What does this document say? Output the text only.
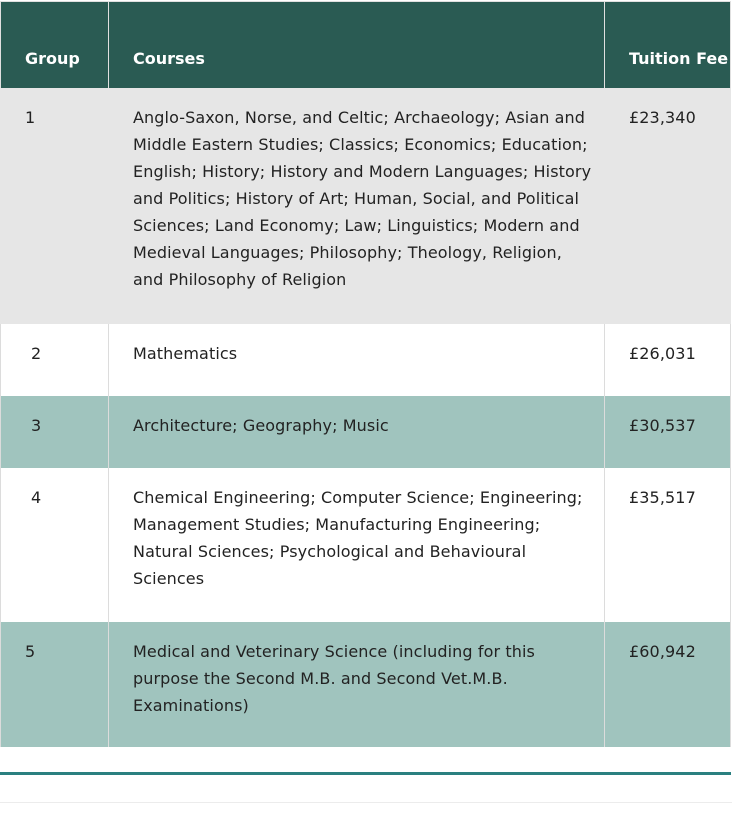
Group	Courses	Tuition Fee
1	Anglo-Saxon, Norse, and Celtic; Archaeology; Asian and Middle Eastern Studies; Classics; Economics; Education; English; History; History and Modern Languages; History and Politics; History of Art; Human, Social, and Political Sciences; Land Economy; Law; Linguistics; Modern and Medieval Languages; Philosophy; Theology, Religion, and Philosophy of Religion	£23,340
2	Mathematics	£26,031
3	Architecture; Geography; Music	£30,537
4	Chemical Engineering; Computer Science; Engineering; Management Studies; Manufacturing Engineering; Natural Sciences; Psychological and Behavioural Sciences	£35,517
5	Medical and Veterinary Science (including for this purpose the Second M.B. and Second Vet.M.B. Examinations)	£60,942
